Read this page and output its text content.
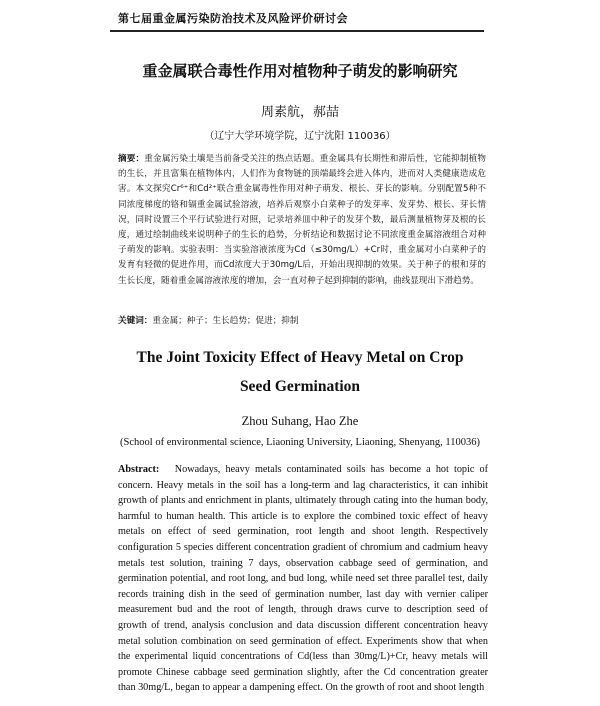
第七届重金属污染防治技术及风险评价研讨会
重金属联合毒性作用对植物种子萌发的影响研究
周素航，郝喆
（辽宁大学环境学院，辽宁沈阳 110036）
摘要：重金属污染土壤是当前备受关注的热点话题。重金属具有长期性和滞后性，它能抑制植物的生长，并且富集在植物体内，人们作为食物链的顶端最终会进入体内，进而对人类健康造成危害。本文探究Cr⁶⁺和Cd²⁺联合重金属毒性作用对种子萌发、根长、芽长的影响。分别配置5种不同浓度梯度的铬和镉重金属试验溶液，培养后观察小白菜种子的发芽率、发芽势、根长、芽长情况，同时设置三个平行试验进行对照，记录培养皿中种子的发芽个数，最后测量植物芽及根的长度，通过绘制曲线来说明种子的生长的趋势，分析结论和数据讨论不同浓度重金属溶液组合对种子萌发的影响。实验表明：当实验溶液浓度为Cd（≤30mg/L）+Cr时，重金属对小白菜种子的发育有轻微的促进作用，而Cd浓度大于30mg/L后，开始出现抑制的效果。关于种子的根和芽的生长长度，随着重金属溶液浓度的增加，会一直对种子起到抑制的影响，曲线显现出下滑趋势。
关键词：重金属；种子；生长趋势；促进；抑制
The Joint Toxicity Effect of Heavy Metal on Crop
Seed Germination
Zhou Suhang, Hao Zhe
(School of environmental science, Liaoning University, Liaoning, Shenyang, 110036)
Abstract: Nowadays, heavy metals contaminated soils has become a hot topic of concern. Heavy metals in the soil has a long-term and lag characteristics, it can inhibit growth of plants and enrichment in plants, ultimately through cating into the human body, harmful to human health. This article is to explore the combined toxic effect of heavy metals on effect of seed germination, root length and shoot length. Respectively configuration 5 species different concentration gradient of chromium and cadmium heavy metals test solution, training 7 days, observation cabbage seed of germination, and germination potential, and root long, and bud long, while need set three parallel test, daily records training dish in the seed of germination number, last day with vernier caliper measurement bud and the root of length, through draws curve to description seed of growth of trend, analysis conclusion and data discussion different concentration heavy metal solution combination on seed germination of effect. Experiments show that when the experimental liquid concentrations of Cd(less than 30mg/L)+Cr, heavy metals will promote Chinese cabbage seed germination slightly, after the Cd concentration greater than 30mg/L, began to appear a dampening effect. On the growth of root and shoot length
